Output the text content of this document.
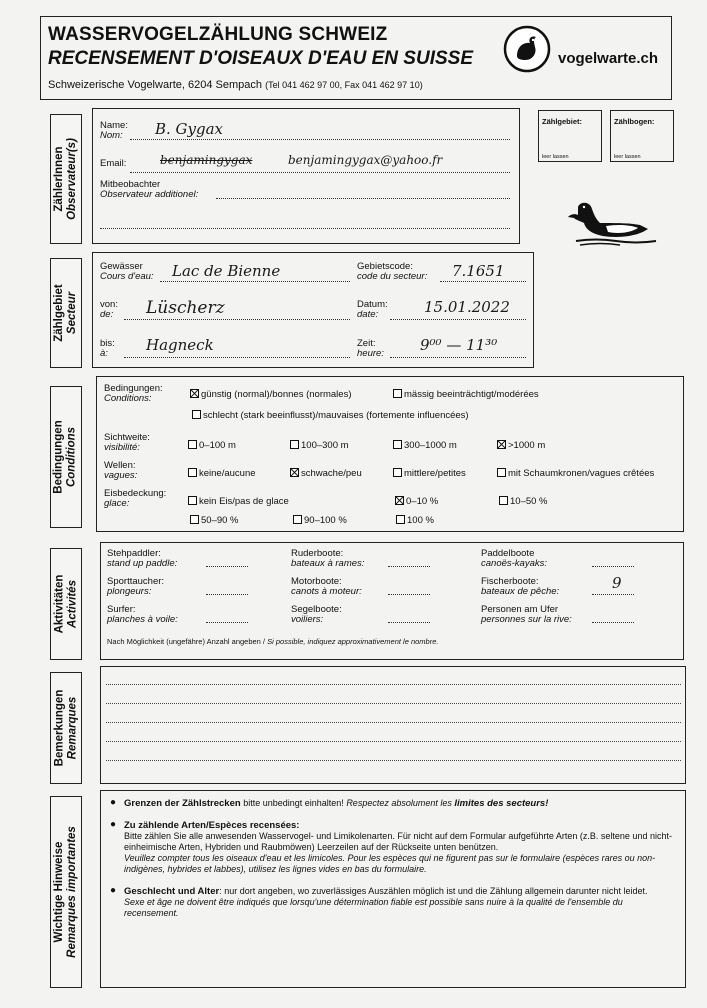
WASSERVOGELZÄHLUNG SCHWEIZ
RECENSEMENT D'OISEAUX D'EAU EN SUISSE
Schweizerische Vogelwarte, 6204 Sempach (Tel 041 462 97 00, Fax 041 462 97 10)
vogelwarte.ch
ZählerInnen Observateur(s)
Name:
Nom:	B. Gygax
Email:	benjamingygax	benjamingygax@yahoo.fr
Mitbeobachter
Observateur additionel:
Zählgebiet:
leer lassen
Zählbogen:
leer lassen
Zählgebiet Secteur
Gewässer
Cours d'eau: Lac de Bienne	Gebietscode:
code du secteur: 7.1651
von:
de: Lüscherz	Datum:
date:	15.01.2022
bis:
à:	Hagneck	Zeit:
heure: 9⁰⁰ — 11³⁰
Bedingungen Conditions
Bedingungen:
Conditions:	günstig (normal)/bonnes (normales)	mässig beeinträchtigt/modérées
schlecht (stark beeinflusst)/mauvaises (fortemente influencées)
Sichtweite:
visibilité:	0–100 m	100–300 m	300–1000 m	>1000 m
Wellen:
vagues:	keine/aucune	schwache/peu	mittlere/petites	mit Schaumkronen/vagues crêtées
Eisbedeckung:
glace:	kein Eis/pas de glace	0–10 %	10–50 %
50–90 %	90–100 %	100 %
Aktivitäten Activités
Stehpaddler:
stand up paddle:
Ruderboote:
bateaux à rames:
Paddelboote
canoës-kayaks:
Sporttaucher:
plongeurs:
Motorboote:
canots à moteur:
Fischerboote:
bateaux de pêche:	9
Surfer:
planches à voile:
Segelboote:
voiliers:
Personen am Ufer
personnes sur la rive:
Nach Möglichkeit (ungefähre) Anzahl angeben / Si possible, indiquez approximativement le nombre.
Bemerkungen Remarques
Wichtige Hinweise Remarques importantes
● Grenzen der Zählstrecken bitte unbedingt einhalten! Respectez absolument les limites des secteurs!
● Zu zählende Arten/Espèces recensées:
Bitte zählen Sie alle anwesenden Wasservogel- und Limikolenarten. Für nicht auf dem Formular aufgeführte Arten (z.B. seltene und nicht-einheimische Arten, Hybriden und Raubmöwen) Leerzeilen auf der Rückseite unten benützen.
Veuillez compter tous les oiseaux d'eau et les limicoles. Pour les espèces qui ne figurent pas sur le formulaire (espèces rares ou non-indigènes, hybrides et labbes), utilisez les lignes vides en bas du formulaire.
● Geschlecht und Alter: nur dort angeben, wo zuverlässiges Auszählen möglich ist und die Zählung allgemein darunter nicht leidet.
Sexe et âge ne doivent être indiqués que lorsqu'une détermination fiable est possible sans nuire à la qualité de l'ensemble du recensement.
